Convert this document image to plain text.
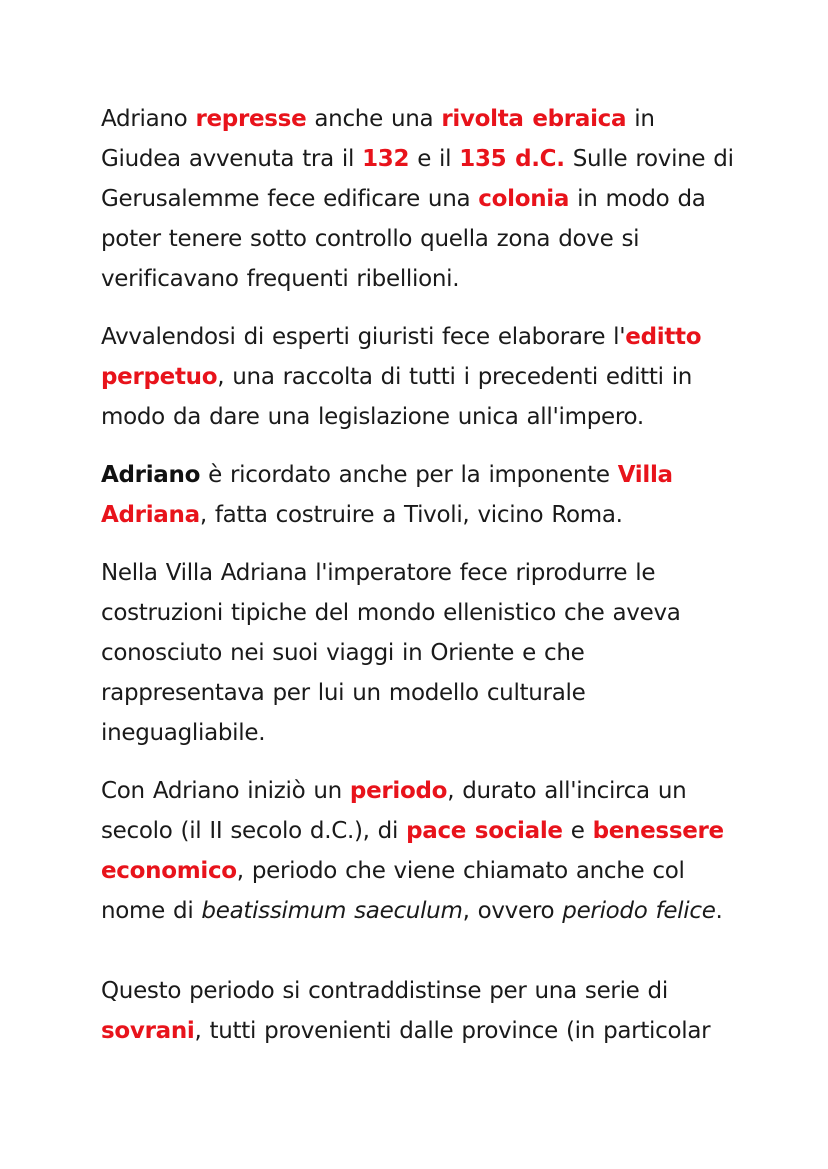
Adriano represse anche una rivolta ebraica in Giudea avvenuta tra il 132 e il 135 d.C. Sulle rovine di Gerusalemme fece edificare una colonia in modo da poter tenere sotto controllo quella zona dove si verificavano frequenti ribellioni.

Avvalendosi di esperti giuristi fece elaborare l'editto perpetuo, una raccolta di tutti i precedenti editti in modo da dare una legislazione unica all'impero.

Adriano è ricordato anche per la imponente Villa Adriana, fatta costruire a Tivoli, vicino Roma.

Nella Villa Adriana l'imperatore fece riprodurre le costruzioni tipiche del mondo ellenistico che aveva conosciuto nei suoi viaggi in Oriente e che rappresentava per lui un modello culturale ineguagliabile.

Con Adriano iniziò un periodo, durato all'incirca un secolo (il II secolo d.C.), di pace sociale e benessere economico, periodo che viene chiamato anche col nome di beatissimum saeculum, ovvero periodo felice.

Questo periodo si contraddistinse per una serie di sovrani, tutti provenienti dalle province (in particolar
